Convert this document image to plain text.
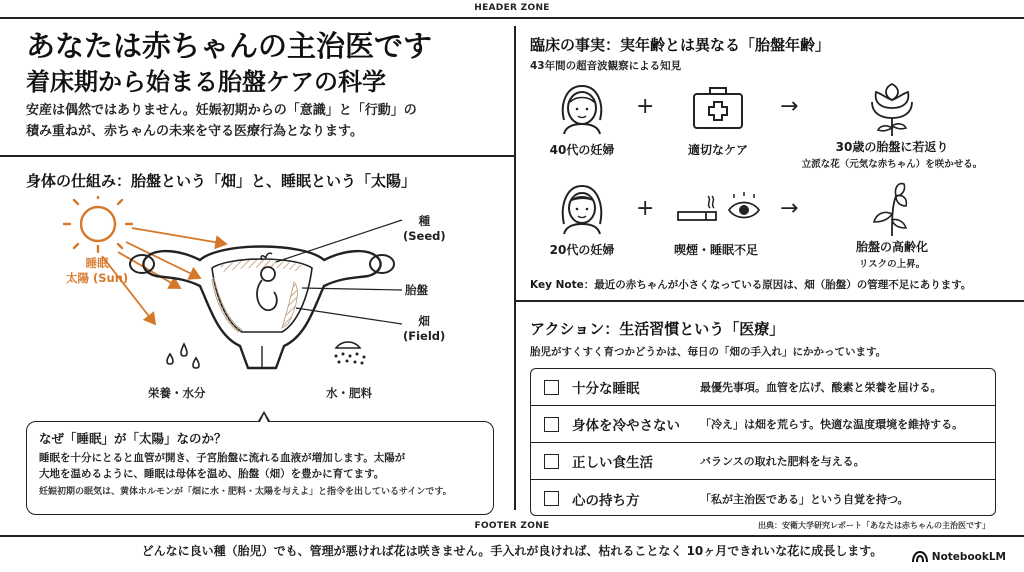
HEADER ZONE
あなたは赤ちゃんの主治医です
着床期から始まる胎盤ケアの科学
安産は偶然ではありません。妊娠初期からの「意識」と「行動」の
積み重ねが、赤ちゃんの未来を守る医療行為となります。
身体の仕組み：胎盤という「畑」と、睡眠という「太陽」
睡眠
太陽 (Sun)
種
(Seed)
胎盤
畑
(Field)
栄養・水分	水・肥料
なぜ「睡眠」が「太陽」なのか？
睡眠を十分にとると血管が開き、子宮胎盤に流れる血液が増加します。太陽が
大地を温めるように、睡眠は母体を温め、胎盤（畑）を豊かに育てます。
妊娠初期の眠気は、黄体ホルモンが「畑に水・肥料・太陽を与えよ」と指令を出しているサインです。
臨床の事実：実年齢とは異なる「胎盤年齢」
43年間の超音波観察による知見
40代の妊婦
+
適切なケア
→
30歳の胎盤に若返り
立派な花（元気な赤ちゃん）を咲かせる。
20代の妊婦
+
喫煙・睡眠不足
→
胎盤の高齢化
リスクの上昇。
Key Note：最近の赤ちゃんが小さくなっている原因は、畑（胎盤）の管理不足にあります。
アクション：生活習慣という「医療」
胎児がすくすく育つかどうかは、毎日の「畑の手入れ」にかかっています。
十分な睡眠	最優先事項。血管を広げ、酸素と栄養を届ける。
身体を冷やさない	「冷え」は畑を荒らす。快適な温度環境を維持する。
正しい食生活	バランスの取れた肥料を与える。
心の持ち方	「私が主治医である」という自覚を持つ。
出典：安衛大学研究レポート「あなたは赤ちゃんの主治医です」
FOOTER ZONE
どんなに良い種（胎児）でも、管理が悪ければ花は咲きません。手入れが良ければ、枯れることなく 10ヶ月できれいな花に成長します。	NotebookLM
